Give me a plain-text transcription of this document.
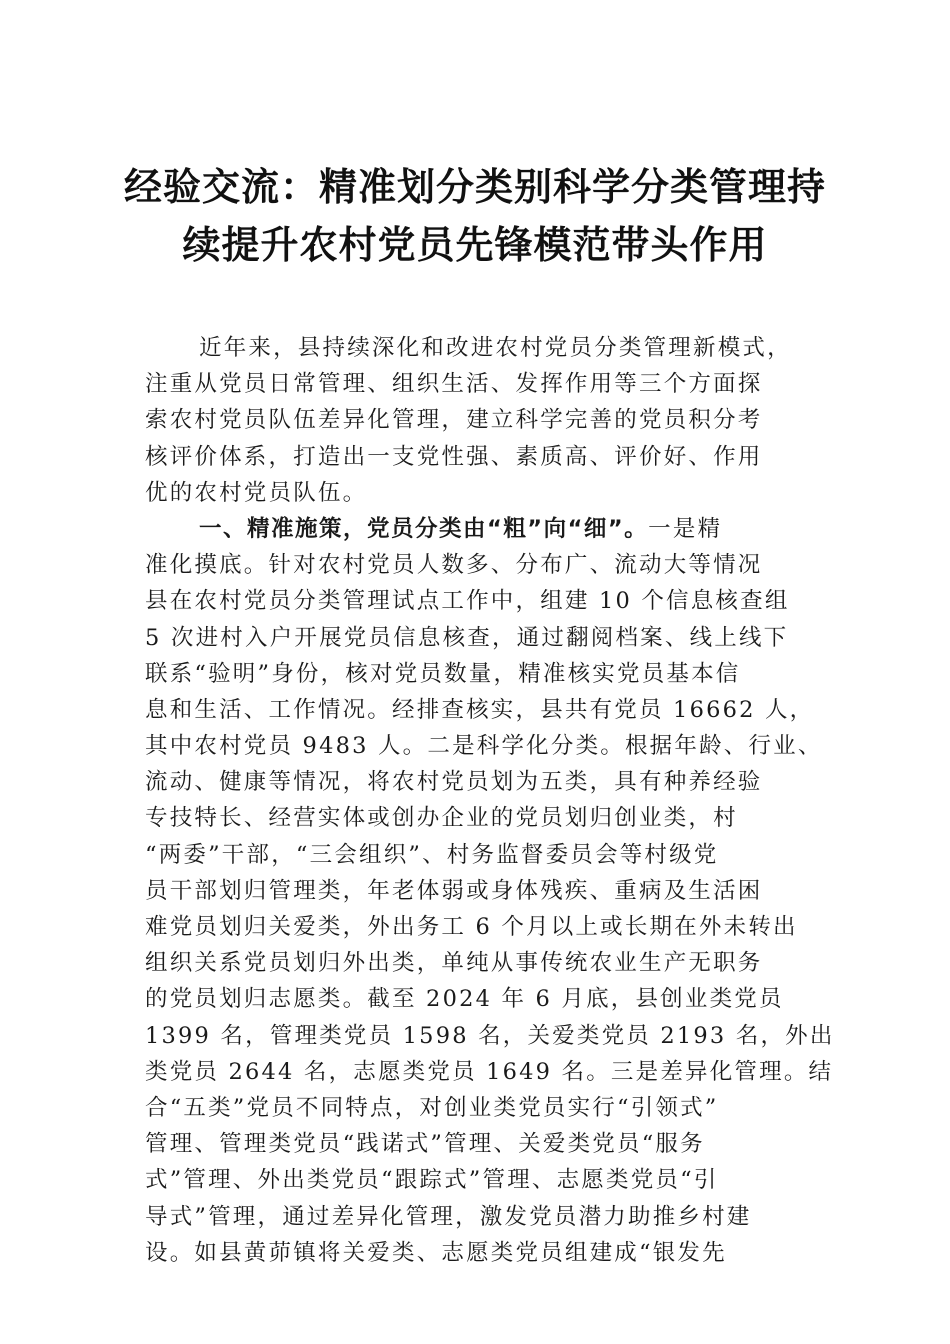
经验交流：精准划分类别科学分类管理持
续提升农村党员先锋模范带头作用
近年来，县持续深化和改进农村党员分类管理新模式，
注重从党员日常管理、组织生活、发挥作用等三个方面探
索农村党员队伍差异化管理，建立科学完善的党员积分考
核评价体系，打造出一支党性强、素质高、评价好、作用
优的农村党员队伍。
一、精准施策，党员分类由“粗”向“细”。一是精
准化摸底。针对农村党员人数多、分布广、流动大等情况
县在农村党员分类管理试点工作中，组建 10 个信息核查组
5 次进村入户开展党员信息核查，通过翻阅档案、线上线下
联系“验明”身份，核对党员数量，精准核实党员基本信
息和生活、工作情况。经排查核实，县共有党员 16662 人，
其中农村党员 9483 人。二是科学化分类。根据年龄、行业、
流动、健康等情况，将农村党员划为五类，具有种养经验
专技特长、经营实体或创办企业的党员划归创业类，村
“两委”干部，“三会组织”、村务监督委员会等村级党
员干部划归管理类，年老体弱或身体残疾、重病及生活困
难党员划归关爱类，外出务工 6 个月以上或长期在外未转出
组织关系党员划归外出类，单纯从事传统农业生产无职务
的党员划归志愿类。截至 2024 年 6 月底，县创业类党员
1399 名，管理类党员 1598 名，关爱类党员 2193 名，外出
类党员 2644 名，志愿类党员 1649 名。三是差异化管理。结
合“五类”党员不同特点，对创业类党员实行“引领式”
管理、管理类党员“践诺式”管理、关爱类党员“服务
式”管理、外出类党员“跟踪式”管理、志愿类党员“引
导式”管理，通过差异化管理，激发党员潜力助推乡村建
设。如县黄茆镇将关爱类、志愿类党员组建成“银发先
